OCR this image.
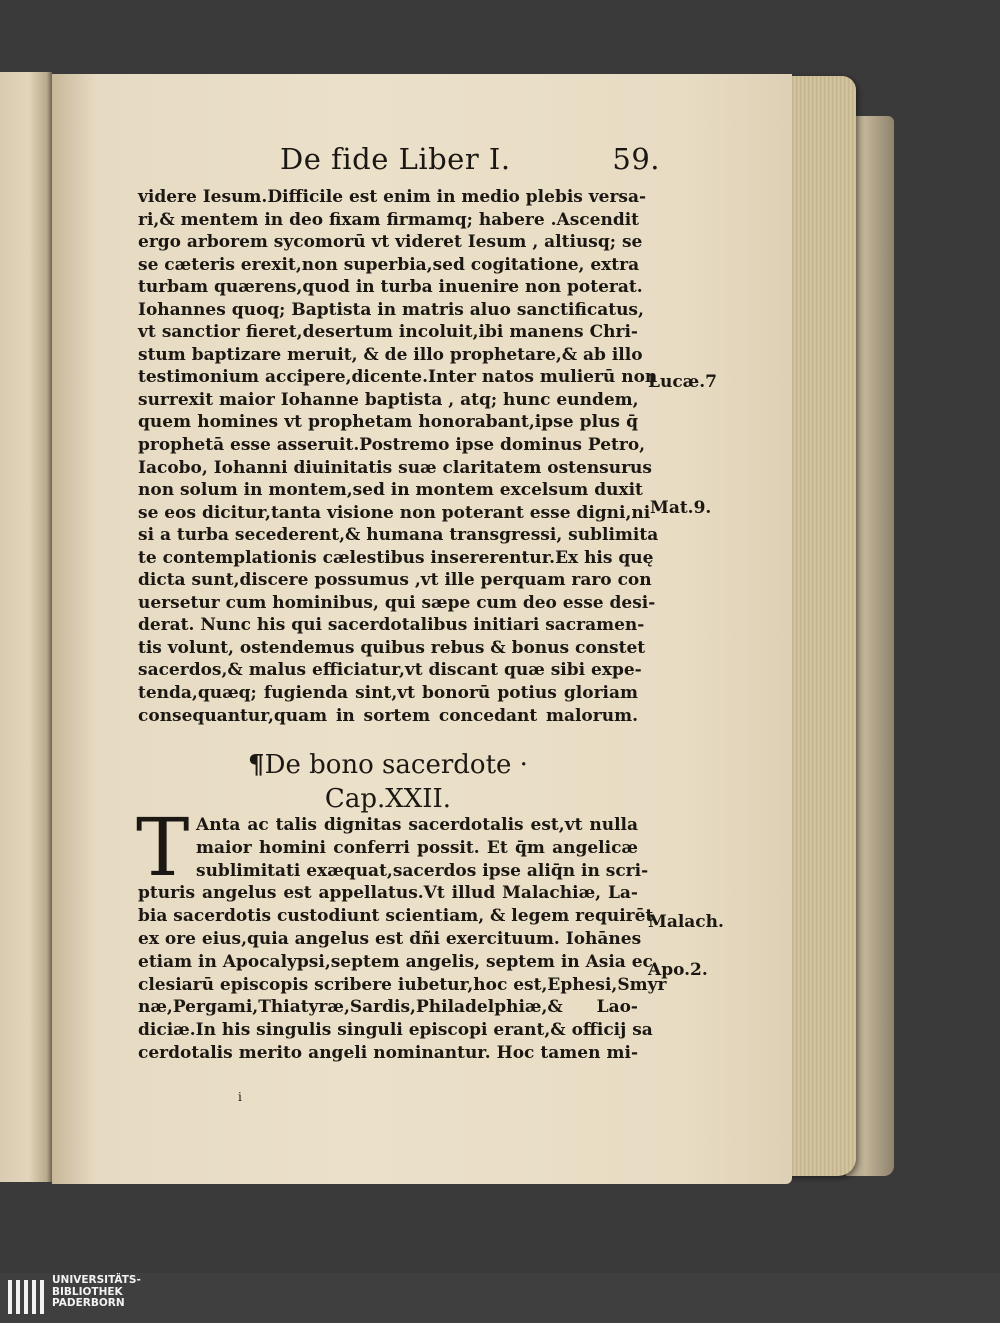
De fide Liber I.	59.
videre Iesum.Difficile est enim in medio plebis versa-
ri,& mentem in deo fixam firmamq; habere .Ascendit
ergo arborem sycomorū vt videret Iesum , altiusq; se
se cæteris erexit,non superbia,sed cogitatione, extra
turbam quærens,quod in turba inuenire non poterat.
Iohannes quoq; Baptista in matris aluo sanctificatus,
vt sanctior fieret,desertum incoluit,ibi manens Chri-
stum baptizare meruit, & de illo prophetare,& ab illo
testimonium accipere,dicente.Inter natos mulierū non
surrexit maior Iohanne baptista , atq; hunc eundem,
quem homines vt prophetam honorabant,ipse plus q̄
prophetā esse asseruit.Postremo ipse dominus Petro,
Iacobo, Iohanni diuinitatis suæ claritatem ostensurus
non solum in montem,sed in montem excelsum duxit
se eos dicitur,tanta visione non poterant esse digni,ni
si a turba secederent,& humana transgressi, sublimita
te contemplationis cælestibus insererentur.Ex his quę
dicta sunt,discere possumus ,vt ille perquam raro con
uersetur cum hominibus, qui sæpe cum deo esse desi-
derat. Nunc his qui sacerdotalibus initiari sacramen-
tis volunt, ostendemus quibus rebus & bonus constet
sacerdos,& malus efficiatur,vt discant quæ sibi expe-
tenda,quæq; fugienda sint,vt bonorū potius gloriam
consequantur,quam in sortem concedant malorum.
¶De bono sacerdote ·
Cap.XXII.
T Anta ac talis dignitas sacerdotalis est,vt nulla
maior homini conferri possit. Et q̄m angelicæ
sublimitati exæquat,sacerdos ipse aliq̄n in scri-
pturis angelus est appellatus.Vt illud Malachiæ, La-
bia sacerdotis custodiunt scientiam, & legem requirēt
ex ore eius,quia angelus est dñi exercituum. Iohānes
etiam in Apocalypsi,septem angelis, septem in Asia ec
clesiarū episcopis scribere iubetur,hoc est,Ephesi,Smyr
næ,Pergami,Thiatyræ,Sardis,Philadelphiæ,& Lao-
diciæ.In his singulis singuli episcopi erant,& officij sa
cerdotalis merito angeli nominantur. Hoc tamen mi-
Lucæ.7
Mat.9.
Malach.
Apo.2.
i
UNIVERSITÄTS-
BIBLIOTHEK
PADERBORN
